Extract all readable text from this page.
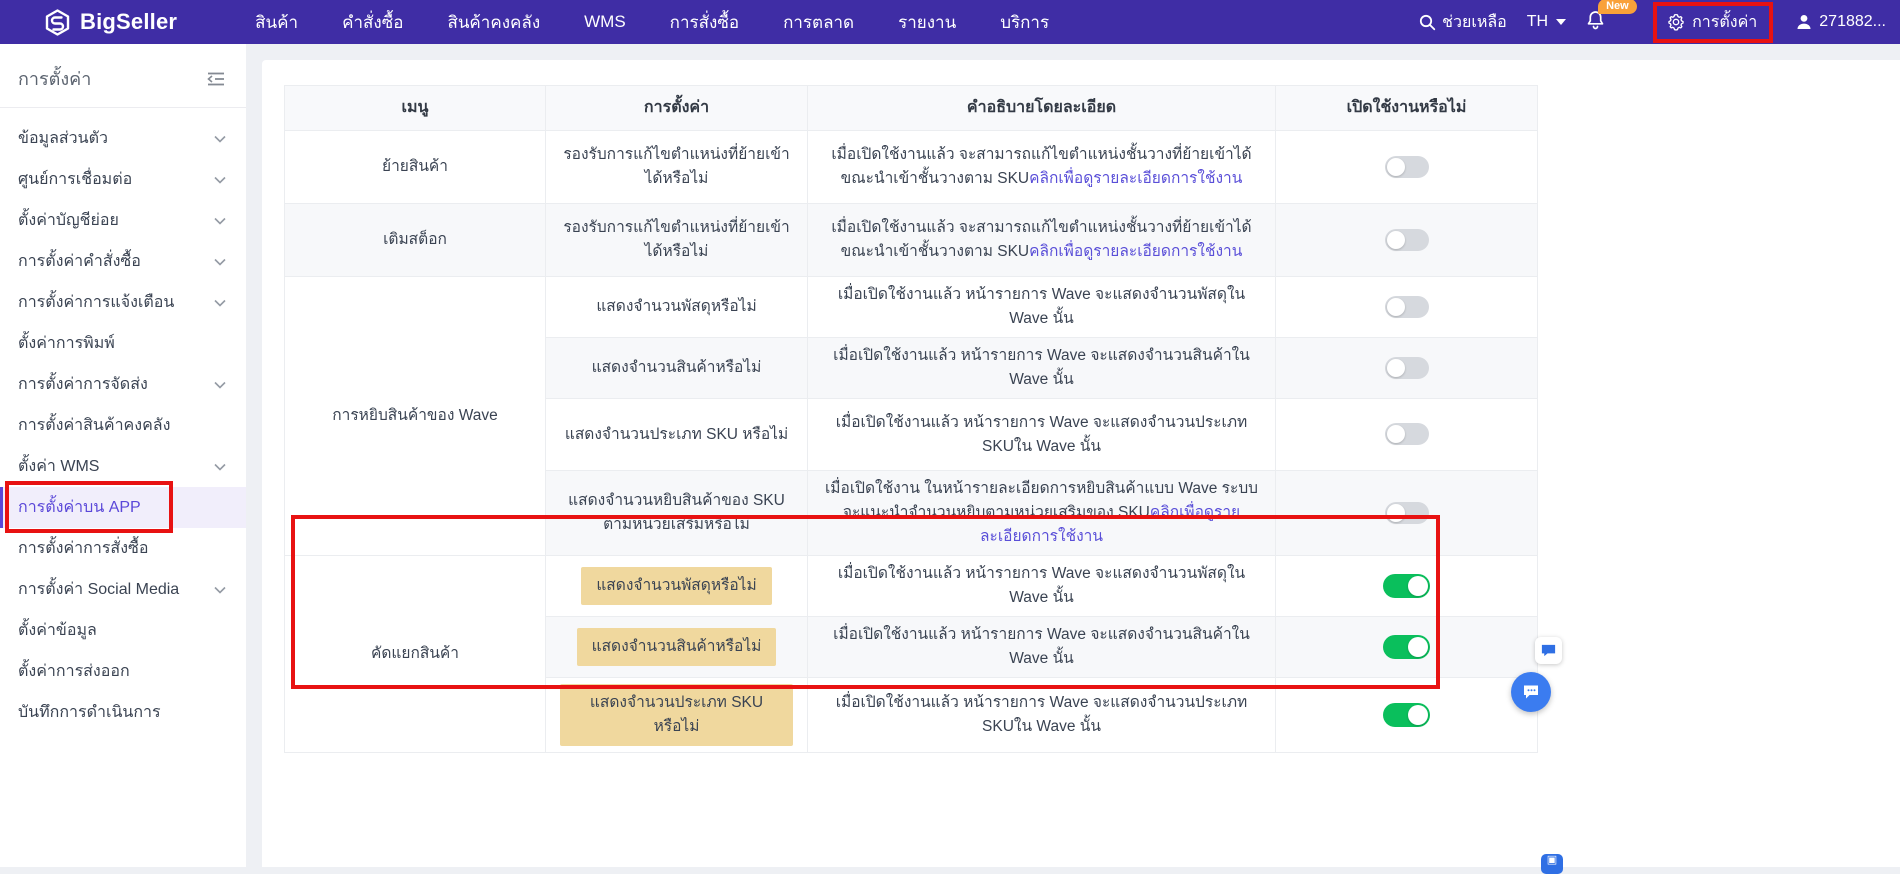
BigSeller	สินค้า	คำสั่งซื้อ	สินค้าคงคลัง	WMS	การสั่งซื้อ	การตลาด	รายงาน	บริการ	ช่วยเหลือ TH
New
การตั้งค่า	271882...
การตั้งค่า
ข้อมูลส่วนตัว
ศูนย์การเชื่อมต่อ
ตั้งค่าบัญชีย่อย
การตั้งค่าคำสั่งซื้อ
การตั้งค่าการแจ้งเตือน
ตั้งค่าการพิมพ์
การตั้งค่าการจัดส่ง
การตั้งค่าสินค้าคงคลัง
ตั้งค่า WMS
การตั้งค่าบน APP
การตั้งค่าการสั่งซื้อ
การตั้งค่า Social Media
ตั้งค่าข้อมูล
ตั้งค่าการส่งออก
บันทึกการดำเนินการ
เมนู	การตั้งค่า	คำอธิบายโดยละเอียด	เปิดใช้งานหรือไม่
ย้ายสินค้า	รองรับการแก้ไขตำแหน่งที่ย้ายเข้าได้หรือไม่	เมื่อเปิดใช้งานแล้ว จะสามารถแก้ไขตำแหน่งชั้นวางที่ย้ายเข้าได้ขณะนำเข้าชั้นวางตาม SKUคลิกเพื่อดูรายละเอียดการใช้งาน	

เติมสต็อก	รองรับการแก้ไขตำแหน่งที่ย้ายเข้าได้หรือไม่	เมื่อเปิดใช้งานแล้ว จะสามารถแก้ไขตำแหน่งชั้นวางที่ย้ายเข้าได้ขณะนำเข้าชั้นวางตาม SKUคลิกเพื่อดูรายละเอียดการใช้งาน	

การหยิบสินค้าของ Wave	แสดงจำนวนพัสดุหรือไม่	เมื่อเปิดใช้งานแล้ว หน้ารายการ Wave จะแสดงจำนวนพัสดุใน Wave นั้น	

	แสดงจำนวนสินค้าหรือไม่	เมื่อเปิดใช้งานแล้ว หน้ารายการ Wave จะแสดงจำนวนสินค้าใน Wave นั้น	

	แสดงจำนวนประเภท SKU หรือไม่	เมื่อเปิดใช้งานแล้ว หน้ารายการ Wave จะแสดงจำนวนประเภท SKUใน Wave นั้น	

	แสดงจำนวนหยิบสินค้าของ SKU ตามหน่วยเสริมหรือไม่	เมื่อเปิดใช้งาน ในหน้ารายละเอียดการหยิบสินค้าแบบ Wave ระบบจะแนะนำจำนวนหยิบตามหน่วยเสริมของ SKUคลิกเพื่อดูรายละเอียดการใช้งาน	

คัดแยกสินค้า	แสดงจำนวนพัสดุหรือไม่	เมื่อเปิดใช้งานแล้ว หน้ารายการ Wave จะแสดงจำนวนพัสดุใน Wave นั้น	

	แสดงจำนวนสินค้าหรือไม่	เมื่อเปิดใช้งานแล้ว หน้ารายการ Wave จะแสดงจำนวนสินค้าใน Wave นั้น	

	แสดงจำนวนประเภท SKU หรือไม่	เมื่อเปิดใช้งานแล้ว หน้ารายการ Wave จะแสดงจำนวนประเภท SKUใน Wave นั้น	
▣
